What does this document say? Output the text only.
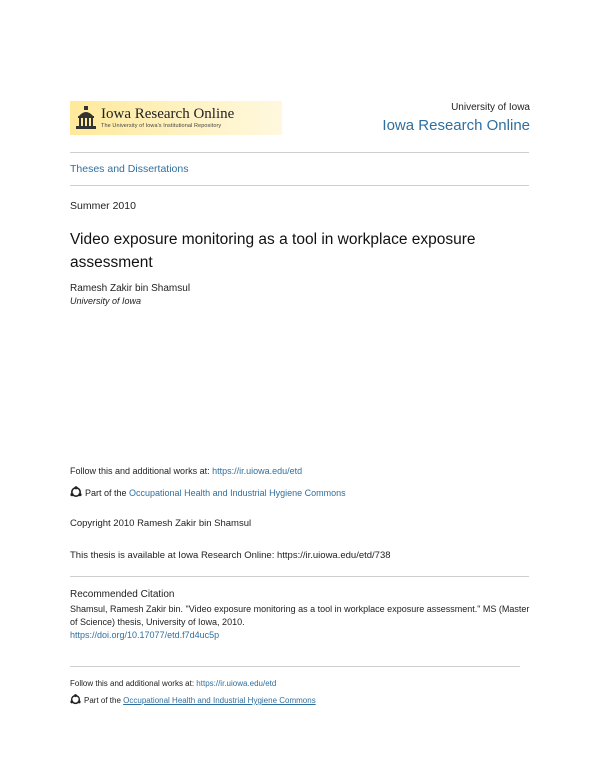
Iowa Research Online
The University of Iowa's Institutional Repository
University of Iowa
Iowa Research Online
Theses and Dissertations
Summer 2010
Video exposure monitoring as a tool in workplace exposure assessment
Ramesh Zakir bin Shamsul
University of Iowa
Follow this and additional works at: https://ir.uiowa.edu/etd
Part of the Occupational Health and Industrial Hygiene Commons
Copyright 2010 Ramesh Zakir bin Shamsul
This thesis is available at Iowa Research Online: https://ir.uiowa.edu/etd/738
Recommended Citation
Shamsul, Ramesh Zakir bin. "Video exposure monitoring as a tool in workplace exposure assessment." MS (Master of Science) thesis, University of Iowa, 2010.
https://doi.org/10.17077/etd.f7d4uc5p
Follow this and additional works at: https://ir.uiowa.edu/etd
Part of the Occupational Health and Industrial Hygiene Commons
